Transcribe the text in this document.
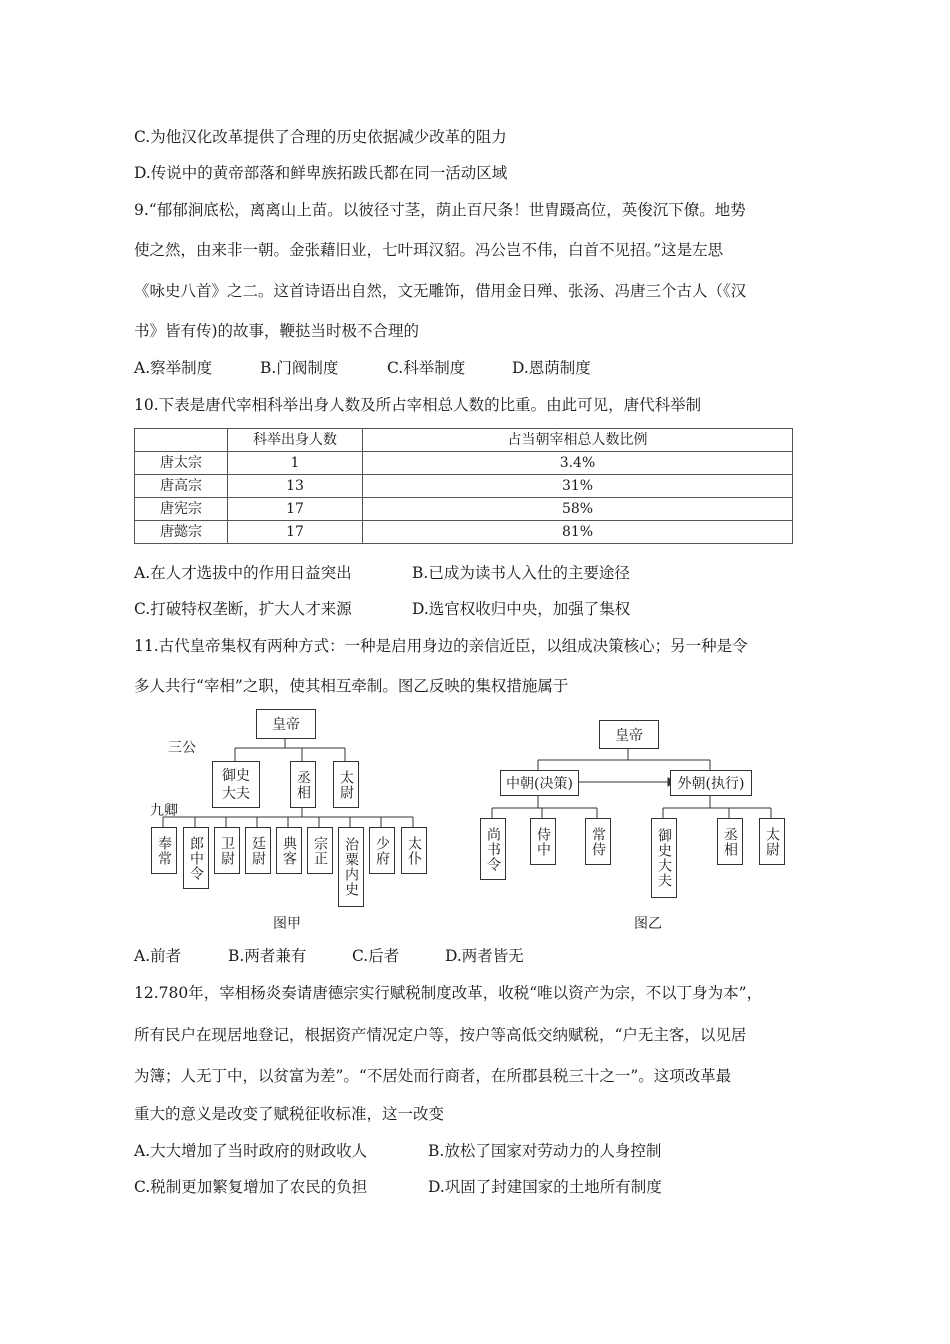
C.为他汉化改革提供了合理的历史依据减少改革的阻力
D.传说中的黄帝部落和鲜卑族拓跋氏都在同一活动区域
9.“郁郁涧底松，离离山上苗。以彼径寸茎，荫止百尺条！世胄蹑高位，英俊沉下僚。地势
使之然，由来非一朝。金张藉旧业，七叶珥汉貂。冯公岂不伟，白首不见招。”这是左思
《咏史八首》之二。这首诗语出自然，文无雕饰，借用金日殚、张汤、冯唐三个古人（《汉
书》皆有传)的故事，鞭挞当时极不合理的
A.察举制度	B.门阀制度	C.科举制度	D.恩荫制度
10.下表是唐代宰相科举出身人数及所占宰相总人数的比重。由此可见，唐代科举制
	科举出身人数	占当朝宰相总人数比例
唐太宗	1	3.4%
唐高宗	13	31%
唐宪宗	17	58%
唐懿宗	17	81%
A.在人才选拔中的作用日益突出	B.已成为读书人入仕的主要途径
C.打破特权垄断，扩大人才来源	D.选官权收归中央，加强了集权
11.古代皇帝集权有两种方式：一种是启用身边的亲信近臣，以组成决策核心；另一种是令
多人共行“宰相”之职，使其相互牵制。图乙反映的集权措施属于
皇帝
三公
御史大夫	丞相	太尉
九卿
奉常	郎中令	卫尉	廷尉	典客	宗正	治粟内史	少府	太仆
图甲
皇帝
中朝(决策)	外朝(执行)
尚书令	侍中	常侍	御史大夫	丞相	太尉
图乙
A.前者	B.两者兼有	C.后者	D.两者皆无
12.780年，宰相杨炎奏请唐德宗实行赋税制度改革，收税“唯以资产为宗，不以丁身为本”，
所有民户在现居地登记，根据资产情况定户等，按户等高低交纳赋税，“户无主客，以见居
为簿；人无丁中，以贫富为差”。“不居处而行商者，在所郡县税三十之一”。这项改革最
重大的意义是改变了赋税征收标准，这一改变
A.大大增加了当时政府的财政收人	B.放松了国家对劳动力的人身控制
C.税制更加繁复增加了农民的负担	D.巩固了封建国家的土地所有制度
